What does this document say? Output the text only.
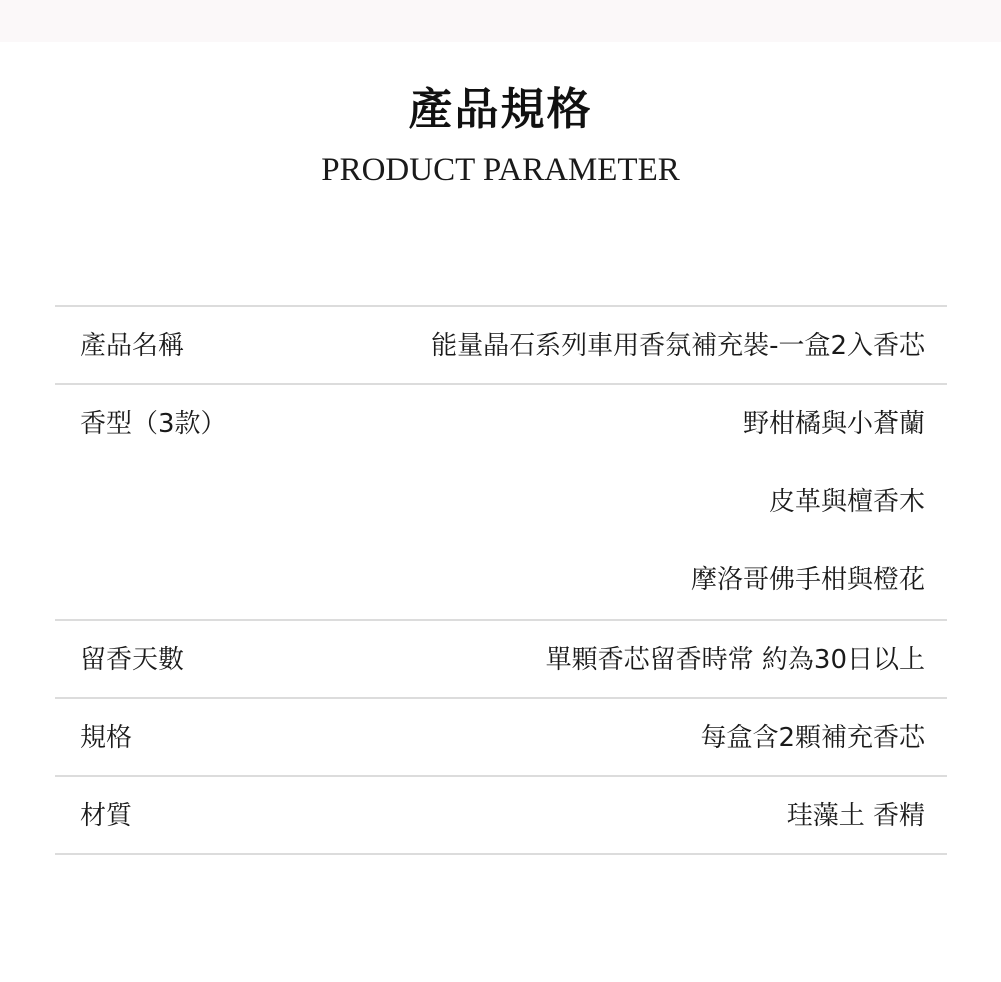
產品規格
PRODUCT PARAMETER
產品名稱	能量晶石系列車用香氛補充裝-一盒2入香芯
香型（3款）	野柑橘與小蒼蘭
皮革與檀香木
摩洛哥佛手柑與橙花
留香天數	單顆香芯留香時常 約為30日以上
規格	每盒含2顆補充香芯
材質	珪藻土 香精
